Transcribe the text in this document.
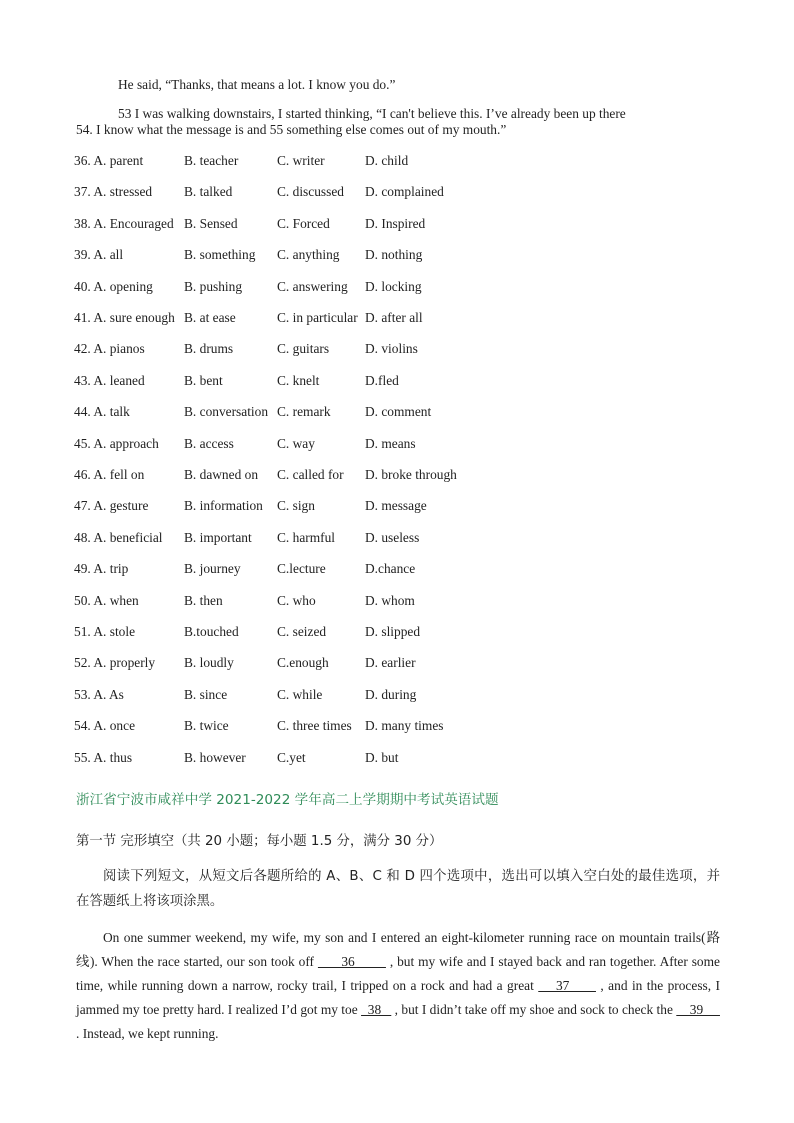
He said, “Thanks, that means a lot. I know you do.”
53 I was walking downstairs, I started thinking, “I can't believe this. I’ve already been up there
54. I know what the message is and 55 something else comes out of my mouth.”
36. A. parent	B. teacher	C. writer	D. child
37. A. stressed B. talked	C. discussed D. complained
38. A. Encouraged B. Sensed	C. Forced	D. Inspired
39. A. all	B. something C. anything D. nothing
40. A. opening B. pushing	C. answering D. locking
41. A. sure enough B. at ease	C. in particular D. after all
42. A. pianos	B. drums	C. guitars	D. violins
43. A. leaned	B. bent	C. knelt	D.fled
44. A. talk	B. conversation C. remark	D. comment
45. A. approach B. access	C. way	D. means
46. A. fell on	B. dawned on C. called for D. broke through
47. A. gesture	B. information C. sign	D. message
48. A. beneficial B. important C. harmful D. useless
49. A. trip	B. journey	C.lecture	D.chance
50. A. when	B. then	C. who	D. whom
51. A. stole	B.touched	C. seized	D. slipped
52. A. properly B. loudly	C.enough	D. earlier
53. A. As	B. since	C. while	D. during
54. A. once	B. twice	C. three times D. many times
55. A. thus	B. however C.yet	D. but
浙江省宁波市咸祥中学 2021-2022 学年高二上学期期中考试英语试题
第一节 完形填空（共 20 小题；每小题 1.5 分，满分 30 分）
阅读下列短文，从短文后各题所给的 A、B、C 和 D 四个选项中，选出可以填入空白处的最佳选项，并在答题纸上将该项涂黑。
On one summer weekend, my wife, my son and I entered an eight-kilometer running race on mountain trails(路线). When the race started, our son took off       36         , but my wife and I stayed back and ran together. After some time, while running down a narrow, rocky trail, I tripped on a rock and had a great     37       , and in the process, I jammed my toe pretty hard. I realized I’d got my toe   38    , but I didn’t take off my shoe and sock to check the     39      . Instead, we kept running.
